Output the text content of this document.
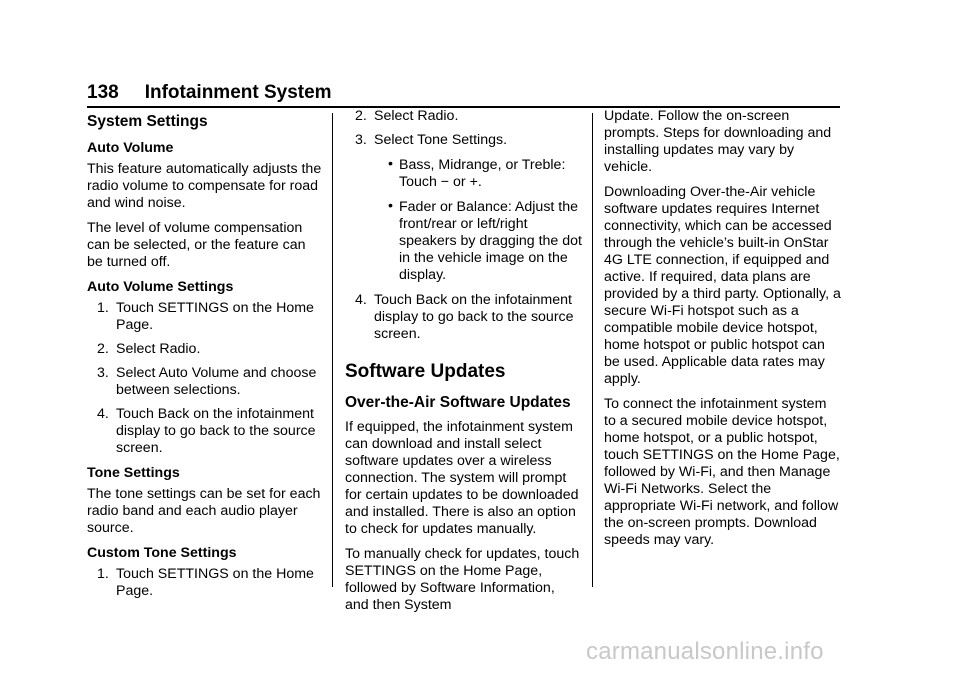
138 Infotainment System
System Settings
Auto Volume

This feature automatically adjusts the radio volume to compensate for road and wind noise.

The level of volume compensation can be selected, or the feature can be turned off.

Auto Volume Settings
1. Touch SETTINGS on the Home Page.
2. Select Radio.
3. Select Auto Volume and choose between selections.
4. Touch Back on the infotainment display to go back to the source screen.
Tone Settings

The tone settings can be set for each radio band and each audio player source.

Custom Tone Settings
1. Touch SETTINGS on the Home Page.
2. Select Radio.
3. Select Tone Settings.
• Bass, Midrange, or Treble: Touch − or +.
• Fader or Balance: Adjust the front/rear or left/right speakers by dragging the dot in the vehicle image on the display.
4. Touch Back on the infotainment display to go back to the source screen.
Software Updates
Over-the-Air Software Updates

If equipped, the infotainment system can download and install select software updates over a wireless connection. The system will prompt for certain updates to be downloaded and installed. There is also an option to check for updates manually.

To manually check for updates, touch SETTINGS on the Home Page, followed by Software Information, and then System

Update. Follow the on-screen prompts. Steps for downloading and installing updates may vary by vehicle.

Downloading Over-the-Air vehicle software updates requires Internet connectivity, which can be accessed through the vehicle’s built-in OnStar 4G LTE connection, if equipped and active. If required, data plans are provided by a third party. Optionally, a secure Wi-Fi hotspot such as a compatible mobile device hotspot, home hotspot or public hotspot can be used. Applicable data rates may apply.

To connect the infotainment system to a secured mobile device hotspot, home hotspot, or a public hotspot, touch SETTINGS on the Home Page, followed by Wi-Fi, and then Manage Wi-Fi Networks. Select the appropriate Wi-Fi network, and follow the on-screen prompts. Download speeds may vary.

carmanualsonline.info
